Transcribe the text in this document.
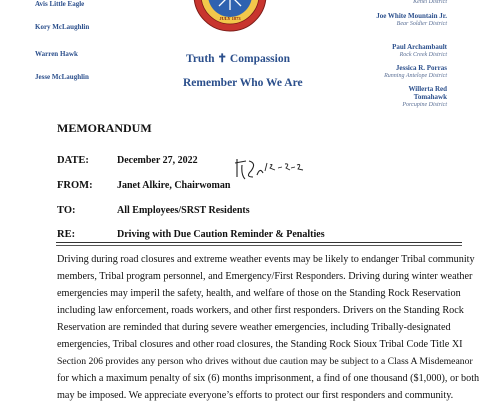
Avis Little Eagle
Kory McLaughlin
Warren Hawk
Jesse McLaughlin
Kenel District
Joe White Mountain Jr.
Bear Soldier District
Paul Archambault
Rock Creek District
Jessica R. Porras
Running Antelope District
Willerta Red Tomahawk
Porcupine District
JULY 1873
Truth ✝ Compassion
Remember Who We Are
MEMORANDUM
DATE:	December 27, 2022
FROM: Janet Alkire, Chairwoman
TO:	All Employees/SRST Residents
RE:	Driving with Due Caution Reminder & Penalties
Driving during road closures and extreme weather events may be likely to endanger Tribal community
members, Tribal program personnel, and Emergency/First Responders. Driving during winter weather
emergencies may imperil the safety, health, and welfare of those on the Standing Rock Reservation
including law enforcement, roads workers, and other first responders. Drivers on the Standing Rock
Reservation are reminded that during severe weather emergencies, including Tribally-designated
emergencies, Tribal closures and other road closures, the Standing Rock Sioux Tribal Code Title XI
Section 206 provides any person who drives without due caution may be subject to a Class A Misdemeanor
for which a maximum penalty of six (6) months imprisonment, a find of one thousand ($1,000), or both
may be imposed. We appreciate everyone’s efforts to protect our first responders and community.
